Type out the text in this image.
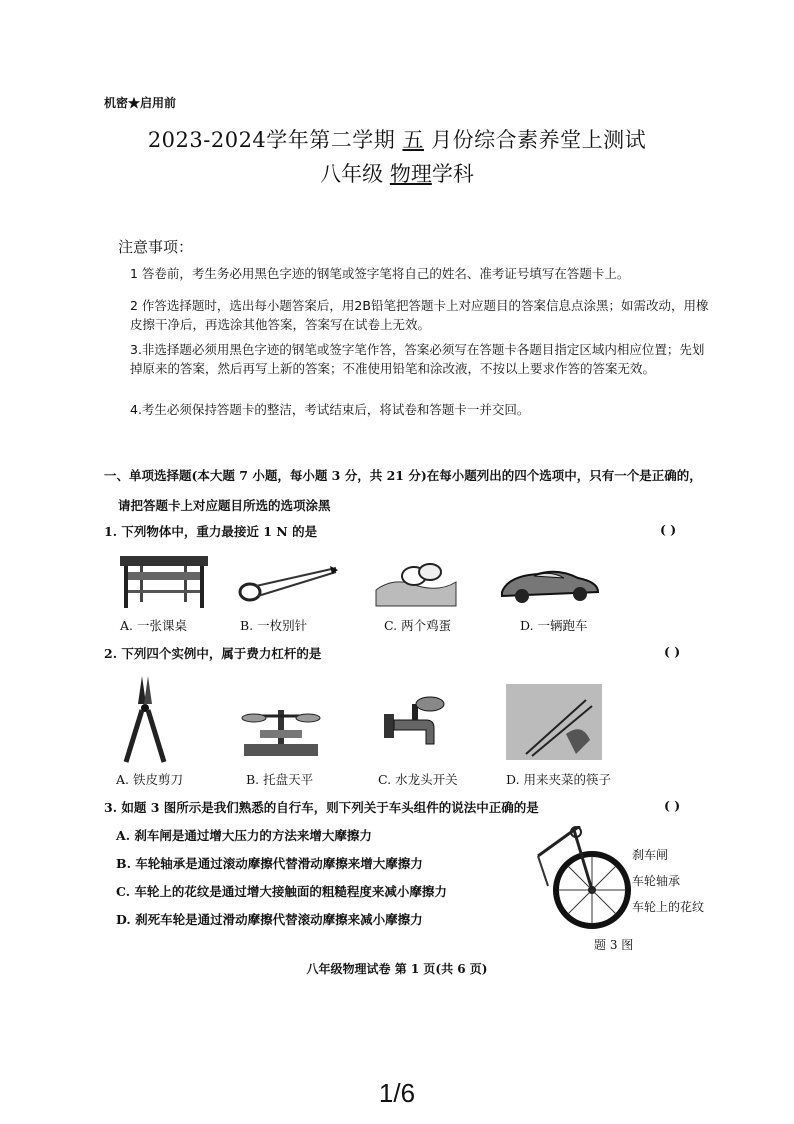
机密★启用前
2023-2024学年第二学期 五 月份综合素养堂上测试
八年级 物理学科
注意事项：
1 答卷前，考生务必用黑色字迹的钢笔或签字笔将自己的姓名、准考证号填写在答题卡上。
2 作答选择题时，选出每小题答案后，用2B铅笔把答题卡上对应题目的答案信息点涂黑；如需改动，用橡皮擦干净后，再选涂其他答案，答案写在试卷上无效。
3.非选择题必须用黑色字迹的钢笔或签字笔作答，答案必须写在答题卡各题目指定区域内相应位置；先划掉原来的答案，然后再写上新的答案；不准使用铅笔和涂改液，不按以上要求作答的答案无效。
4.考生必须保持答题卡的整洁，考试结束后，将试卷和答题卡一并交回。
一、单项选择题(本大题 7 小题，每小题 3 分，共 21 分)在每小题列出的四个选项中，只有一个是正确的，
请把答题卡上对应题目所选的选项涂黑
1. 下列物体中，重力最接近 1 N 的是	( )
A. 一张课桌	B. 一枚别针	C. 两个鸡蛋	D. 一辆跑车
2. 下列四个实例中，属于费力杠杆的是	( )
A. 铁皮剪刀	B. 托盘天平	C. 水龙头开关	D. 用来夹菜的筷子
3. 如题 3 图所示是我们熟悉的自行车，则下列关于车头组件的说法中正确的是	( )
A. 刹车闸是通过增大压力的方法来增大摩擦力
B. 车轮轴承是通过滚动摩擦代替滑动摩擦来增大摩擦力
C. 车轮上的花纹是通过增大接触面的粗糙程度来减小摩擦力
D. 刹死车轮是通过滑动摩擦代替滚动摩擦来减小摩擦力
刹车闸
车轮轴承
车轮上的花纹
题 3 图
八年级物理试卷 第 1 页(共 6 页)
1/6
